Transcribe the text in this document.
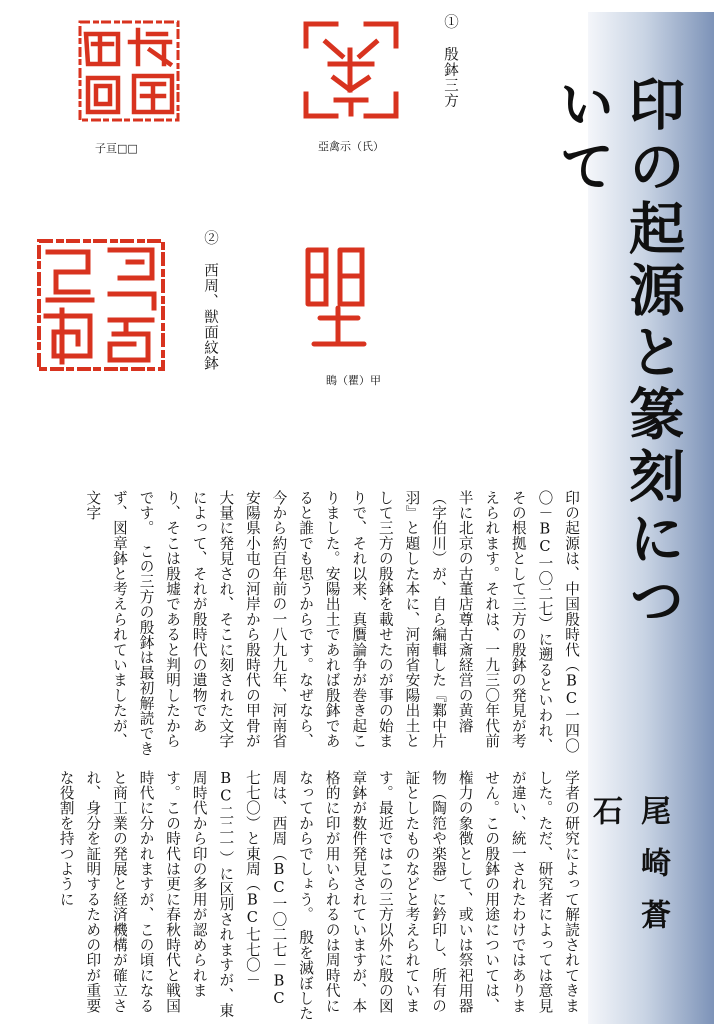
印の起源と篆刻について
尾崎蒼石
① 殷鉢三方
② 西周、獣面紋鉢
子亘□□	亞禽示（氏）
瞗（瞿）甲
印の起源は、中国殷時代（BC一四〇〇－BC一〇二七）に遡るといわれ、その根拠として三方の殷鉢の発見が考えられます。それは、一九三〇年代前半に北京の古董店尊古斎経営の黄濬（字伯川）が、自ら編輯した『鄴中片羽』と題した本に、河南省安陽出土として三方の殷鉢を載せたのが事の始まりで、それ以来、真贋論争が巻き起こりました。安陽出土であれば殷鉢であると誰でも思うからです。なぜなら、今から約百年前の一八九九年、河南省安陽県小屯の河岸から殷時代の甲骨が大量に発見され、そこに刻された文字によって、それが殷時代の遺物であり、そこは殷墟であると判明したからです。　この三方の殷鉢は最初解読できず、図章鉢と考えられていましたが、文字
学者の研究によって解読されてきました。ただ、研究者によっては意見が違い、統一されたわけではありません。この殷鉢の用途については、権力の象徴として、或いは祭祀用器物（陶笵や楽器）に鈐印し、所有の証としたものなどと考えられています。最近ではこの三方以外に殷の図章鉢が数件発見されていますが、本格的に印が用いられるのは周時代になってからでしょう。　殷を滅ぼした周は、西周（BC一〇二七－BC七七〇）と東周（BC七七〇－BC二二一）に区別されますが、東周時代から印の多用が認められます。この時代は更に春秋時代と戦国時代に分かれますが、この頃になると商工業の発展と経済機構が確立され、身分を証明するための印が重要な役割を持つように
